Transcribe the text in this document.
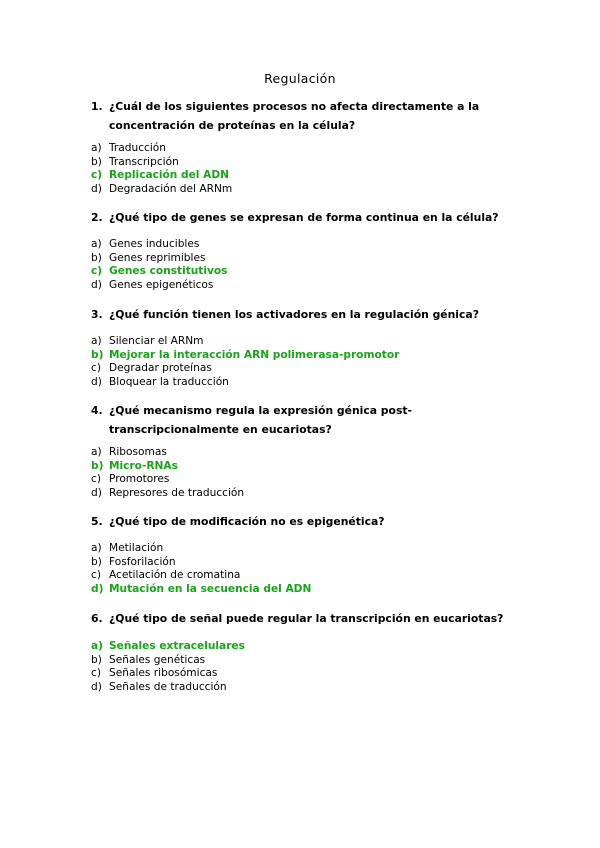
Regulación
1. ¿Cuál de los siguientes procesos no afecta directamente a la concentración de proteínas en la célula?
a) Traducción
b) Transcripción
c) Replicación del ADN
d) Degradación del ARNm
2. ¿Qué tipo de genes se expresan de forma continua en la célula?
a) Genes inducibles
b) Genes reprimibles
c) Genes constitutivos
d) Genes epigenéticos
3. ¿Qué función tienen los activadores en la regulación génica?
a) Silenciar el ARNm
b) Mejorar la interacción ARN polimerasa-promotor
c) Degradar proteínas
d) Bloquear la traducción
4. ¿Qué mecanismo regula la expresión génica post-transcripcionalmente en eucariotas?
a) Ribosomas
b) Micro-RNAs
c) Promotores
d) Represores de traducción
5. ¿Qué tipo de modificación no es epigenética?
a) Metilación
b) Fosforilación
c) Acetilación de cromatina
d) Mutación en la secuencia del ADN
6. ¿Qué tipo de señal puede regular la transcripción en eucariotas?
a) Señales extracelulares
b) Señales genéticas
c) Señales ribosómicas
d) Señales de traducción
